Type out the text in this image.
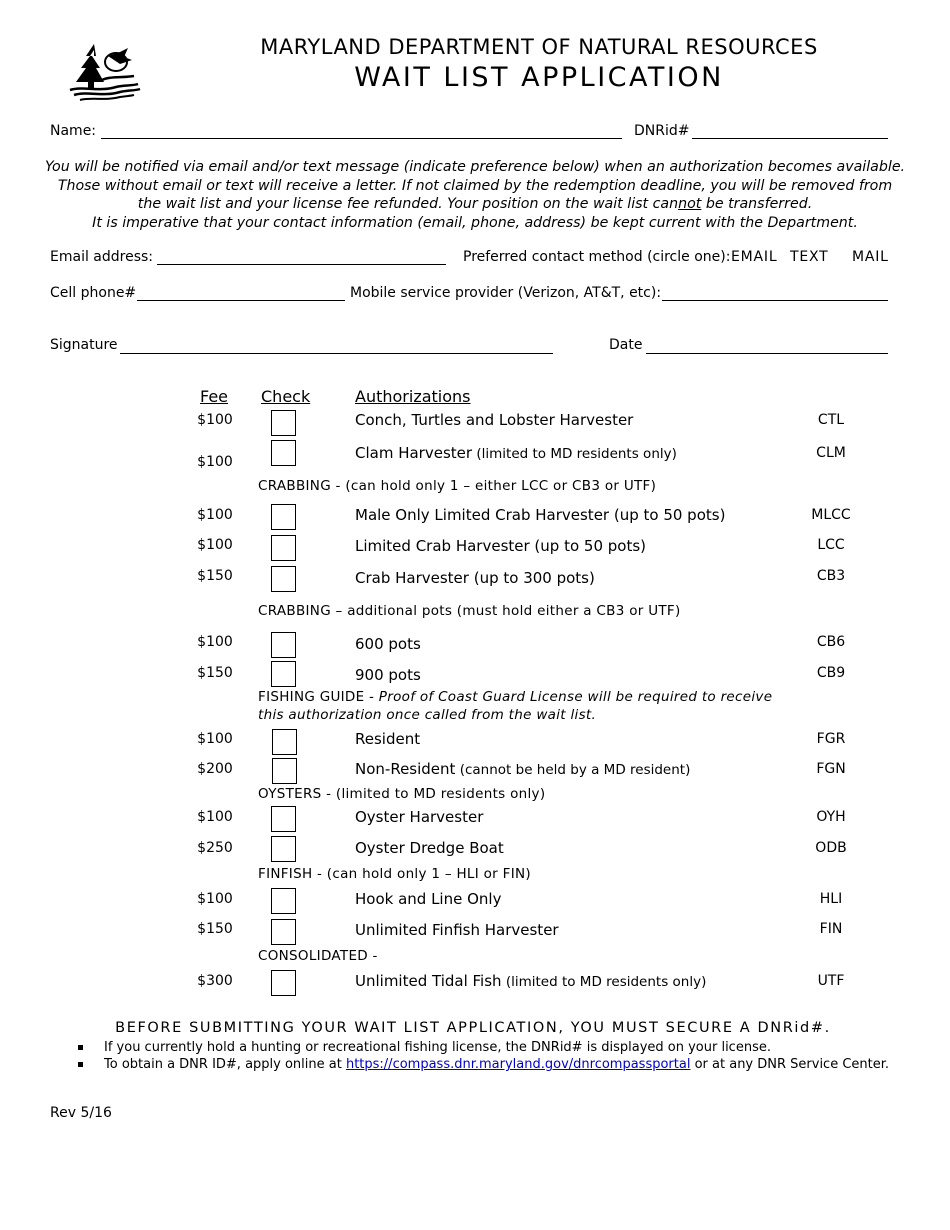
MARYLAND DEPARTMENT OF NATURAL RESOURCES
WAIT LIST APPLICATION
Name:	DNRid#

You will be notified via email and/or text message (indicate preference below) when an authorization becomes available.

Those without email or text will receive a letter. If not claimed by the redemption deadline, you will be removed from

the wait list and your license fee refunded. Your position on the wait list cannot be transferred.

It is imperative that your contact information (email, phone, address) be kept current with the Department.

Email address:	Preferred contact method (circle one): EMAIL TEXT MAIL
Cell phone#	Mobile service provider (Verizon, AT&T, etc):
Signature	Date
Fee Check	Authorizations
$100	Conch, Turtles and Lobster Harvester	CTL
$100	Clam Harvester (limited to MD residents only)	CLM
CRABBING - (can hold only 1 – either LCC or CB3 or UTF)
$100	Male Only Limited Crab Harvester (up to 50 pots)	MLCC
$100	Limited Crab Harvester (up to 50 pots)	LCC
$150	Crab Harvester (up to 300 pots)	CB3
CRABBING – additional pots (must hold either a CB3 or UTF)
$100	600 pots	CB6
$150	900 pots	CB9
FISHING GUIDE - Proof of Coast Guard License will be required to receive
this authorization once called from the wait list.
$100	Resident	FGR
$200	Non-Resident (cannot be held by a MD resident)	FGN
OYSTERS - (limited to MD residents only)
$100	Oyster Harvester	OYH
$250	Oyster Dredge Boat	ODB
FINFISH - (can hold only 1 – HLI or FIN)
$100	Hook and Line Only	HLI
$150	Unlimited Finfish Harvester	FIN
CONSOLIDATED -
$300	Unlimited Tidal Fish (limited to MD residents only)	UTF
BEFORE SUBMITTING YOUR WAIT LIST APPLICATION, YOU MUST SECURE A DNRid#.
If you currently hold a hunting or recreational fishing license, the DNRid# is displayed on your license.
To obtain a DNR ID#, apply online at https://compass.dnr.maryland.gov/dnrcompassportal or at any DNR Service Center.
Rev 5/16
